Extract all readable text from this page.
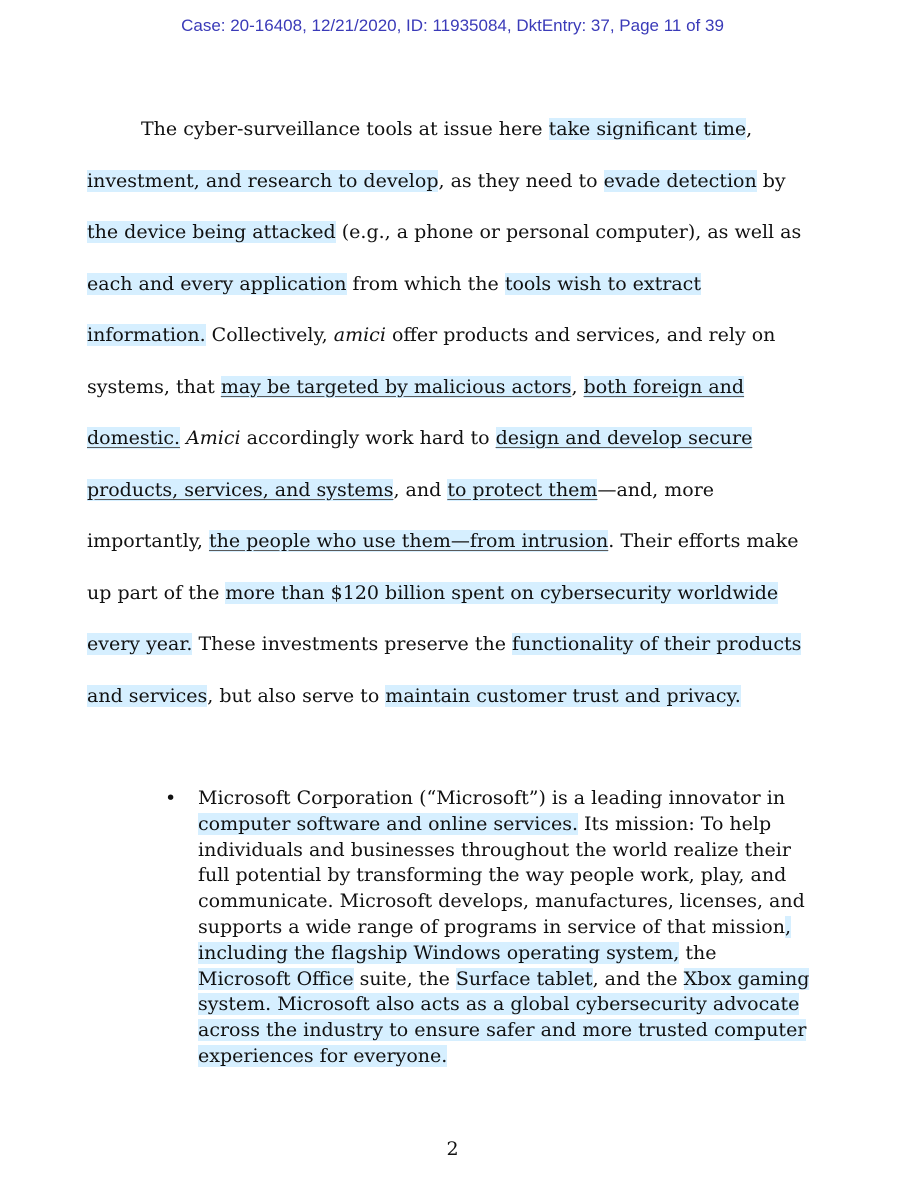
Case: 20-16408, 12/21/2020, ID: 11935084, DktEntry: 37, Page 11 of 39

The cyber-surveillance tools at issue here take significant time, investment, and research to develop, as they need to evade detection by the device being attacked (e.g., a phone or personal computer), as well as each and every application from which the tools wish to extract information. Collectively, amici offer products and services, and rely on systems, that may be targeted by malicious actors, both foreign and domestic. Amici accordingly work hard to design and develop secure products, services, and systems, and to protect them—and, more importantly, the people who use them—from intrusion. Their efforts make up part of the more than $120 billion spent on cybersecurity worldwide every year. These investments preserve the functionality of their products and services, but also serve to maintain customer trust and privacy.

• Microsoft Corporation (“Microsoft”) is a leading innovator in computer software and online services. Its mission: To help individuals and businesses throughout the world realize their full potential by transforming the way people work, play, and communicate. Microsoft develops, manufactures, licenses, and supports a wide range of programs in service of that mission, including the flagship Windows operating system, the Microsoft Office suite, the Surface tablet, and the Xbox gaming system. Microsoft also acts as a global cybersecurity advocate across the industry to ensure safer and more trusted computer experiences for everyone.

2
